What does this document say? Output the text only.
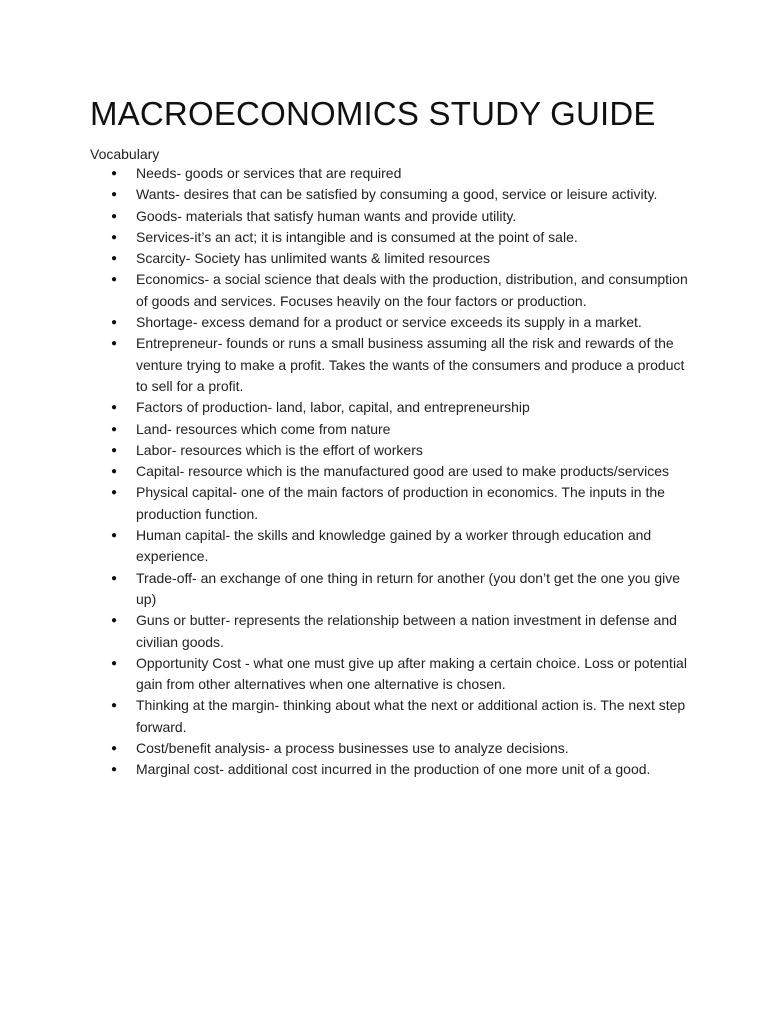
MACROECONOMICS STUDY GUIDE
Vocabulary
● Needs- goods or services that are required
● Wants- desires that can be satisfied by consuming a good, service or leisure activity.
● Goods- materials that satisfy human wants and provide utility.
● Services-it’s an act; it is intangible and is consumed at the point of sale.
● Scarcity- Society has unlimited wants & limited resources
● Economics- a social science that deals with the production, distribution, and consumption of goods and services. Focuses heavily on the four factors or production.
● Shortage- excess demand for a product or service exceeds its supply in a market.
● Entrepreneur- founds or runs a small business assuming all the risk and rewards of the venture trying to make a profit. Takes the wants of the consumers and produce a product to sell for a profit.
● Factors of production- land, labor, capital, and entrepreneurship
● Land- resources which come from nature
● Labor- resources which is the effort of workers
● Capital- resource which is the manufactured good are used to make products/services
● Physical capital- one of the main factors of production in economics. The inputs in the production function.
● Human capital- the skills and knowledge gained by a worker through education and experience.
● Trade-off- an exchange of one thing in return for another (you don’t get the one you give up)
● Guns or butter- represents the relationship between a nation investment in defense and civilian goods.
● Opportunity Cost - what one must give up after making a certain choice. Loss or potential gain from other alternatives when one alternative is chosen.
● Thinking at the margin- thinking about what the next or additional action is. The next step forward.
● Cost/benefit analysis- a process businesses use to analyze decisions.
● Marginal cost- additional cost incurred in the production of one more unit of a good.
